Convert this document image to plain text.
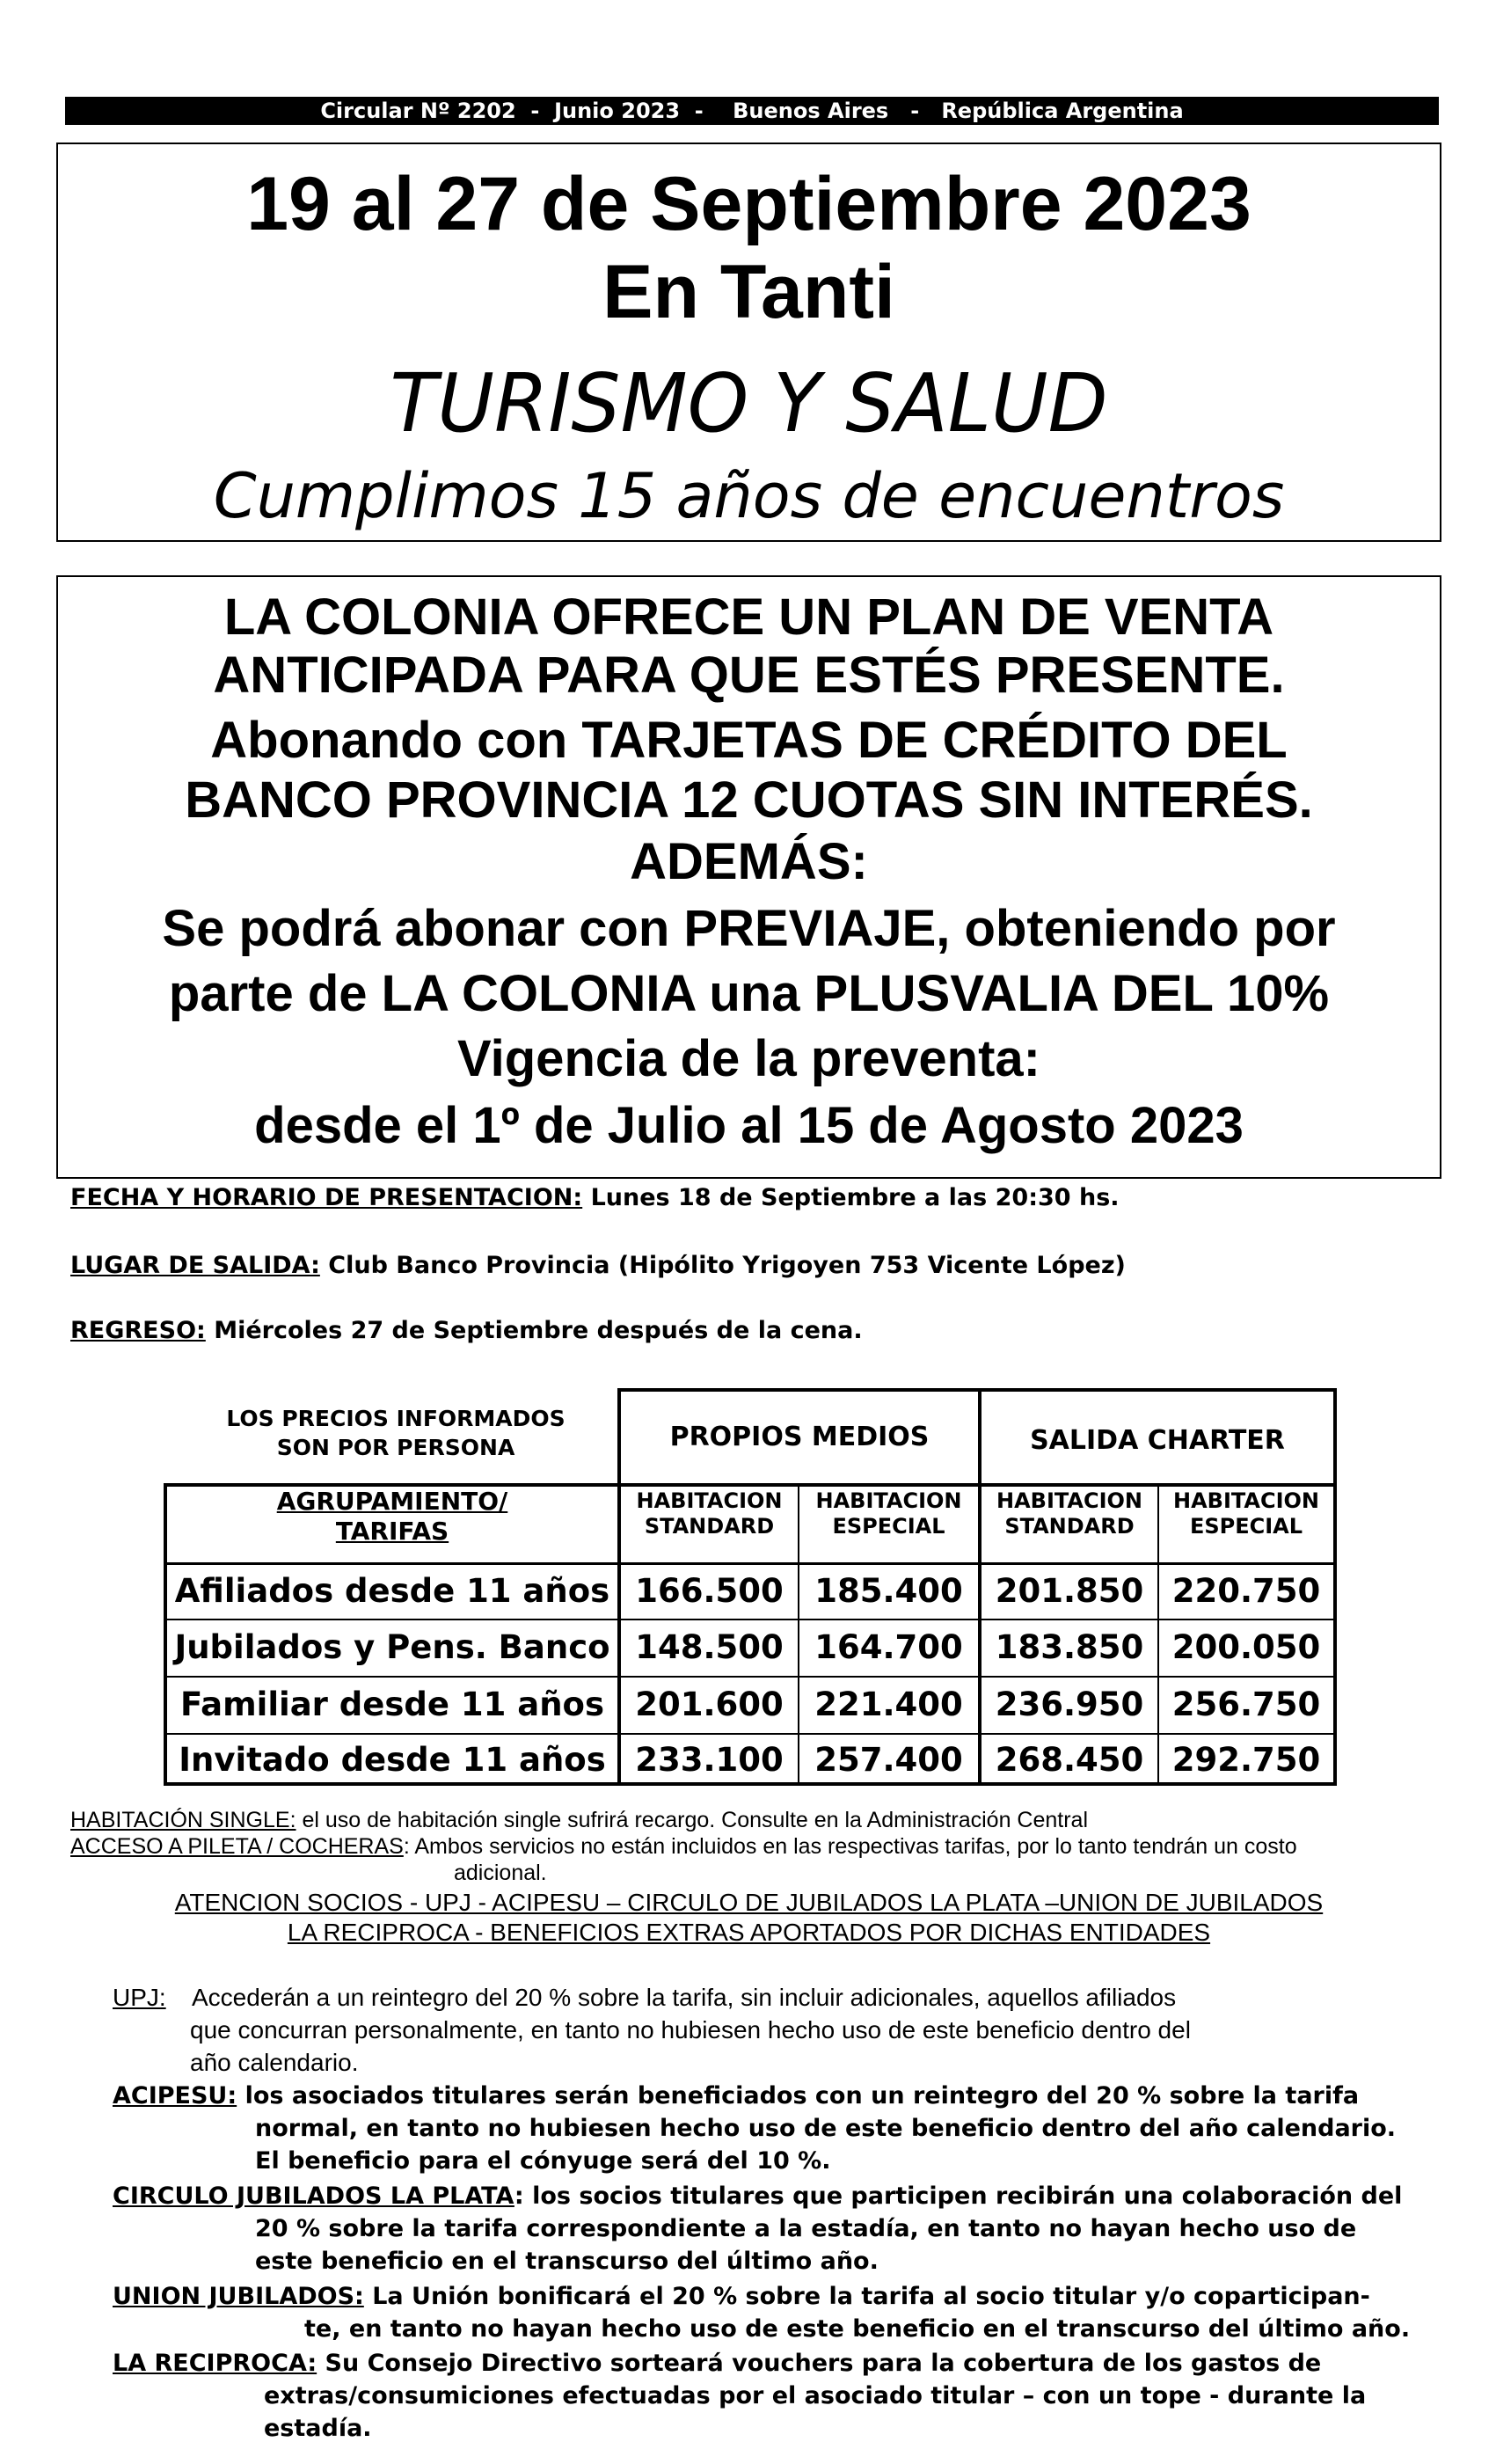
Circular Nº 2202  -  Junio 2023  -    Buenos Aires   -   República Argentina
19 al 27 de Septiembre 2023
En Tanti
TURISMO Y SALUD
Cumplimos 15 años de encuentros
LA COLONIA OFRECE UN PLAN DE VENTA
ANTICIPADA PARA QUE ESTÉS PRESENTE.
Abonando con TARJETAS DE CRÉDITO DEL
BANCO PROVINCIA 12 CUOTAS SIN INTERÉS.
ADEMÁS:
Se podrá abonar con PREVIAJE, obteniendo por
parte de LA COLONIA una PLUSVALIA DEL 10%
Vigencia de la preventa:
desde el 1º de Julio al 15 de Agosto 2023
FECHA Y HORARIO DE PRESENTACION: Lunes 18 de Septiembre a las 20:30 hs.
LUGAR DE SALIDA: Club Banco Provincia (Hipólito Yrigoyen 753 Vicente López)
REGRESO: Miércoles 27 de Septiembre después de la cena.
LOS PRECIOS INFORMADOS
SON POR PERSONA	PROPIOS MEDIOS	SALIDA CHARTER
AGRUPAMIENTO/
TARIFAS
HABITACION
STANDARD
HABITACION
ESPECIAL
HABITACION
STANDARD
HABITACION
ESPECIAL
Afiliados desde 11 años 166.500 185.400 201.850 220.750
Jubilados y Pens. Banco 148.500 164.700 183.850 200.050
Familiar desde 11 años 201.600 221.400 236.950 256.750
Invitado desde 11 años 233.100 257.400 268.450 292.750
HABITACIÓN SINGLE: el uso de habitación single sufrirá recargo. Consulte en la Administración Central
ACCESO A PILETA / COCHERAS: Ambos servicios no están incluidos en las respectivas tarifas, por lo tanto tendrán un costo
adicional.
ATENCION SOCIOS - UPJ - ACIPESU – CIRCULO DE JUBILADOS LA PLATA –UNION DE JUBILADOS
LA RECIPROCA - BENEFICIOS EXTRAS APORTADOS POR DICHAS ENTIDADES
UPJ: Accederán a un reintegro del 20 % sobre la tarifa, sin incluir adicionales, aquellos afiliados
que concurran personalmente, en tanto no hubiesen hecho uso de este beneficio dentro del
año calendario.
ACIPESU: los asociados titulares serán beneficiados con un reintegro del 20 % sobre la tarifa
normal, en tanto no hubiesen hecho uso de este beneficio dentro del año calendario.
El beneficio para el cónyuge será del 10 %.
CIRCULO JUBILADOS LA PLATA: los socios titulares que participen recibirán una colaboración del
20 % sobre la tarifa correspondiente a la estadía, en tanto no hayan hecho uso de
este beneficio en el transcurso del último año.
UNION JUBILADOS: La Unión bonificará el 20 % sobre la tarifa al socio titular y/o coparticipan-
te, en tanto no hayan hecho uso de este beneficio en el transcurso del último año.
LA RECIPROCA: Su Consejo Directivo sorteará vouchers para la cobertura de los gastos de
extras/consumiciones efectuadas por el asociado titular – con un tope - durante la
estadía.
